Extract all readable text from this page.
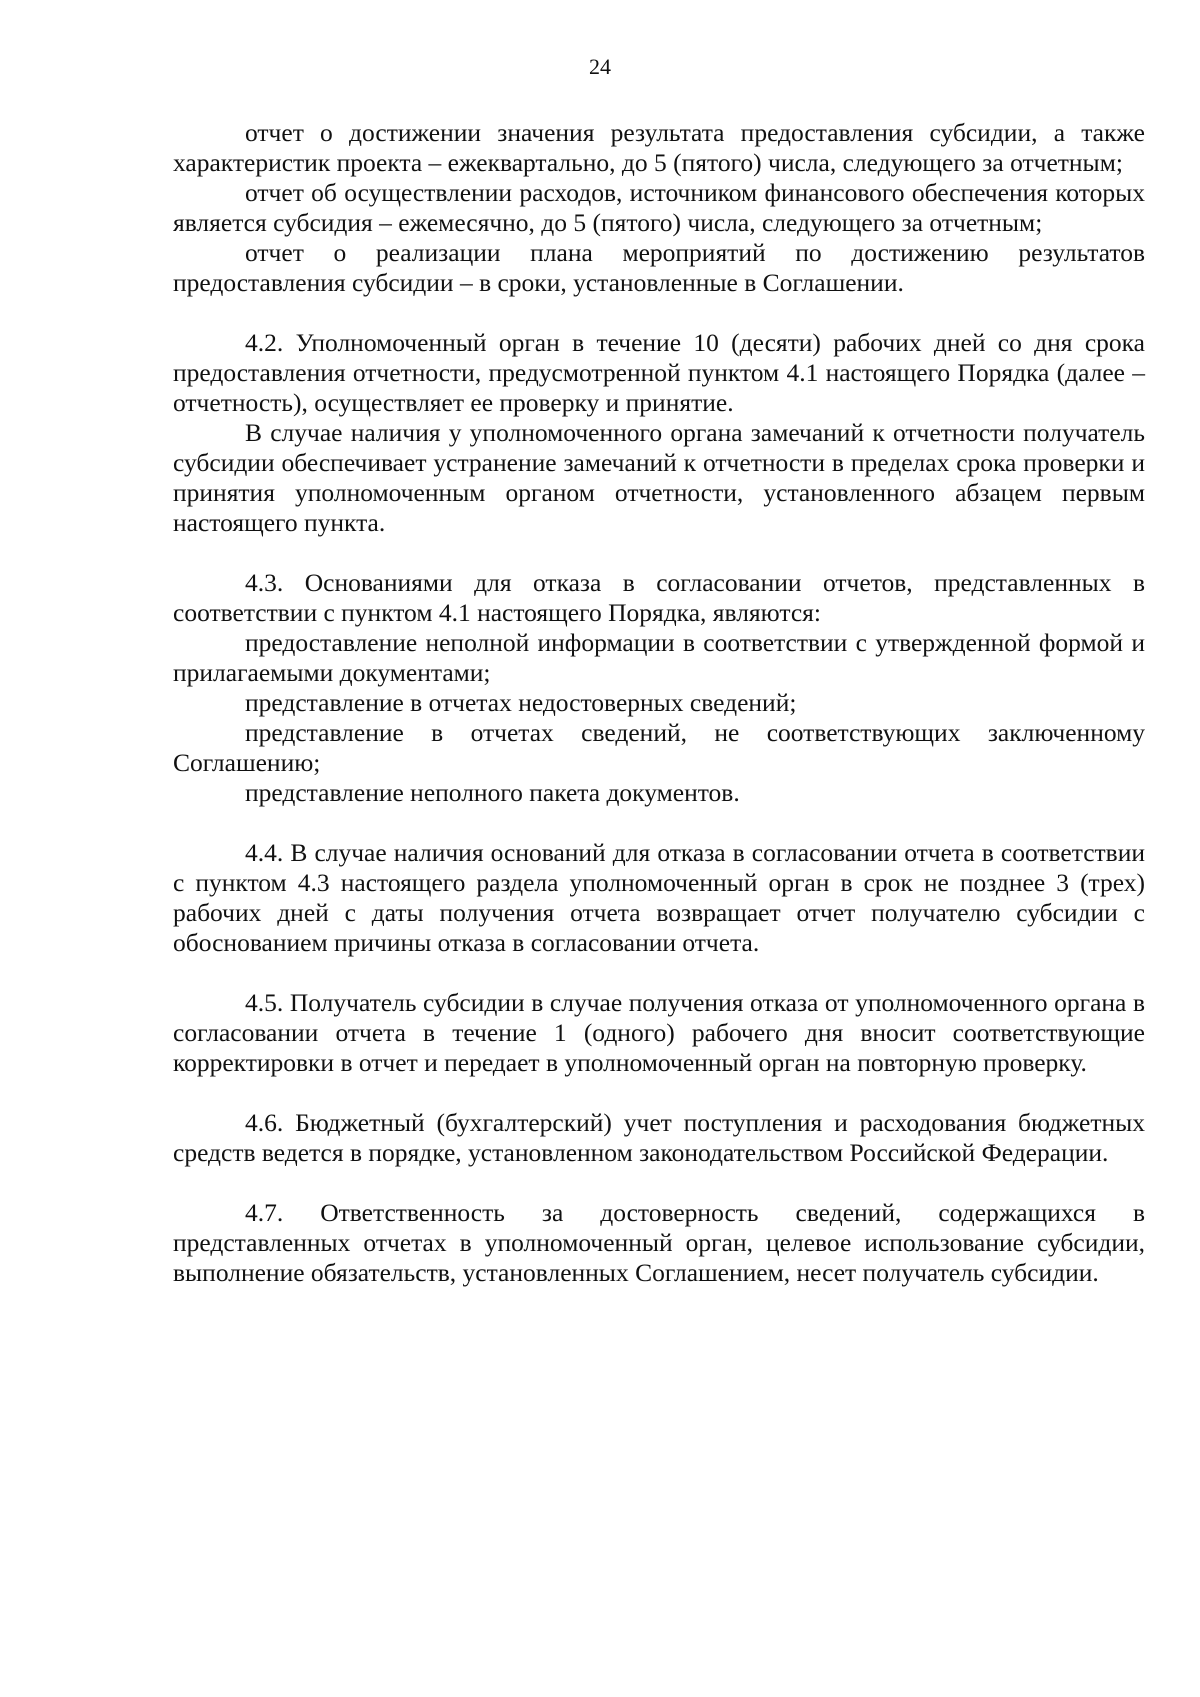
24

отчет о достижении значения результата предоставления субсидии, а также характеристик проекта – ежеквартально, до 5 (пятого) числа, следующего за отчетным;

отчет об осуществлении расходов, источником финансового обеспечения которых является субсидия – ежемесячно, до 5 (пятого) числа, следующего за отчетным;

отчет о реализации плана мероприятий по достижению результатов предоставления субсидии – в сроки, установленные в Соглашении.

4.2. Уполномоченный орган в течение 10 (десяти) рабочих дней со дня срока предоставления отчетности, предусмотренной пунктом 4.1 настоящего Порядка (далее – отчетность), осуществляет ее проверку и принятие.

В случае наличия у уполномоченного органа замечаний к отчетности получатель субсидии обеспечивает устранение замечаний к отчетности в пределах срока проверки и принятия уполномоченным органом отчетности, установленного абзацем первым настоящего пункта.

4.3. Основаниями для отказа в согласовании отчетов, представленных в соответствии с пунктом 4.1 настоящего Порядка, являются:

предоставление неполной информации в соответствии с утвержденной формой и прилагаемыми документами;

представление в отчетах недостоверных сведений;

представление в отчетах сведений, не соответствующих заключенному Соглашению;

представление неполного пакета документов.

4.4. В случае наличия оснований для отказа в согласовании отчета в соответствии с пунктом 4.3 настоящего раздела уполномоченный орган в срок не позднее 3 (трех) рабочих дней с даты получения отчета возвращает отчет получателю субсидии с обоснованием причины отказа в согласовании отчета.

4.5. Получатель субсидии в случае получения отказа от уполномоченного органа в согласовании отчета в течение 1 (одного) рабочего дня вносит соответствующие корректировки в отчет и передает в уполномоченный орган на повторную проверку.

4.6. Бюджетный (бухгалтерский) учет поступления и расходования бюджетных средств ведется в порядке, установленном законодательством Российской Федерации.

4.7. Ответственность за достоверность сведений, содержащихся в представленных отчетах в уполномоченный орган, целевое использование субсидии, выполнение обязательств, установленных Соглашением, несет получатель субсидии.
